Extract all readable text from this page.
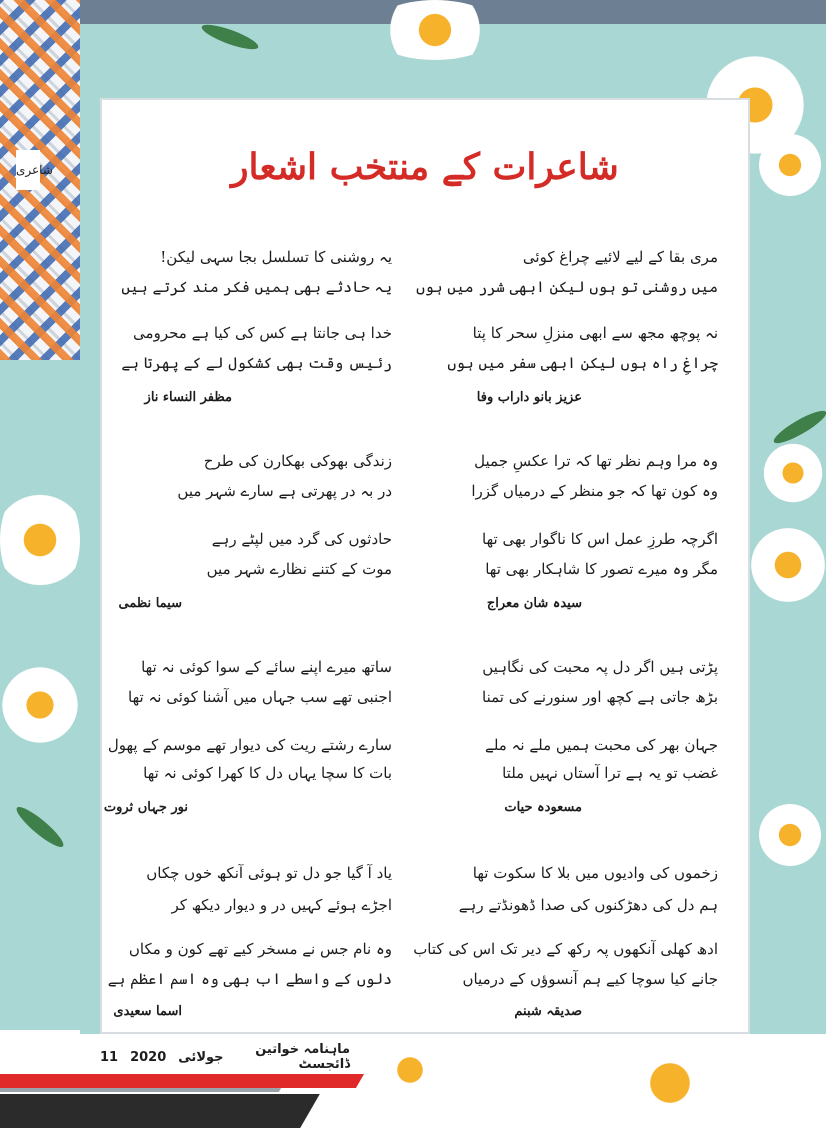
شاعری	شاعرات کے منتخب اشعار
مری بقا کے لیے لائیے چراغ کوئی
میں روشنی تو ہوں لیکن ابھی شرر میں ہوں
نہ پوچھ مجھ سے ابھی منزلِ سحر کا پتا
چراغِ راہ ہوں لیکن ابھی سفر میں ہوں
عزیز بانو داراب وفا
وہ مرا وہم نظر تھا کہ ترا عکسِ جمیل
وہ کون تھا کہ جو منظر کے درمیاں گزرا
اگرچہ طرزِ عمل اس کا ناگوار بھی تھا
مگر وہ میرے تصور کا شاہکار بھی تھا
سیدہ شان معراج
پڑتی ہیں اگر دل پہ محبت کی نگاہیں
بڑھ جاتی ہے کچھ اور سنورنے کی تمنا
جہان بھر کی محبت ہمیں ملے نہ ملے
غضب تو یہ ہے ترا آستاں نہیں ملتا
مسعودہ حیات
زخموں کی وادیوں میں بلا کا سکوت تھا
ہم دل کی دھڑکنوں کی صدا ڈھونڈتے رہے
ادھ کھلی آنکھوں پہ رکھ کے دیر تک اس کی کتاب
جانے کیا سوچا کیے ہم آنسوؤں کے درمیاں
صدیقہ شبنم
یہ روشنی کا تسلسل بجا سہی لیکن!
یہ حادثے بھی ہمیں فکر مند کرتے ہیں
خدا ہی جانتا ہے کس کی کیا ہے محرومی
رئیس وقت بھی کشکول لے کے پھرتا ہے
مظفر النساء ناز
زندگی بھوکی بھکارن کی طرح
در بہ در پھرتی ہے سارے شہر میں
حادثوں کی گرد میں لپٹے رہے
موت کے کتنے نظارے شہر میں
سیما نظمی
ساتھ میرے اپنے سائے کے سوا کوئی نہ تھا
اجنبی تھے سب جہاں میں آشنا کوئی نہ تھا
سارے رشتے ریت کی دیوار تھے موسم کے پھول
بات کا سچا یہاں دل کا کھرا کوئی نہ تھا
نور جہاں ثروت
یاد آ گیا جو دل تو ہوئی آنکھ خوں چکاں
اجڑے ہوئے کہیں در و دیوار دیکھ کر
وہ نام جس نے مسخر کیے تھے کون و مکاں
دلوں کے واسطے اب بھی وہ اسم اعظم ہے
اسما سعیدی
ماہنامہ خواتین ڈائجسٹ
جولائی
2020
11
